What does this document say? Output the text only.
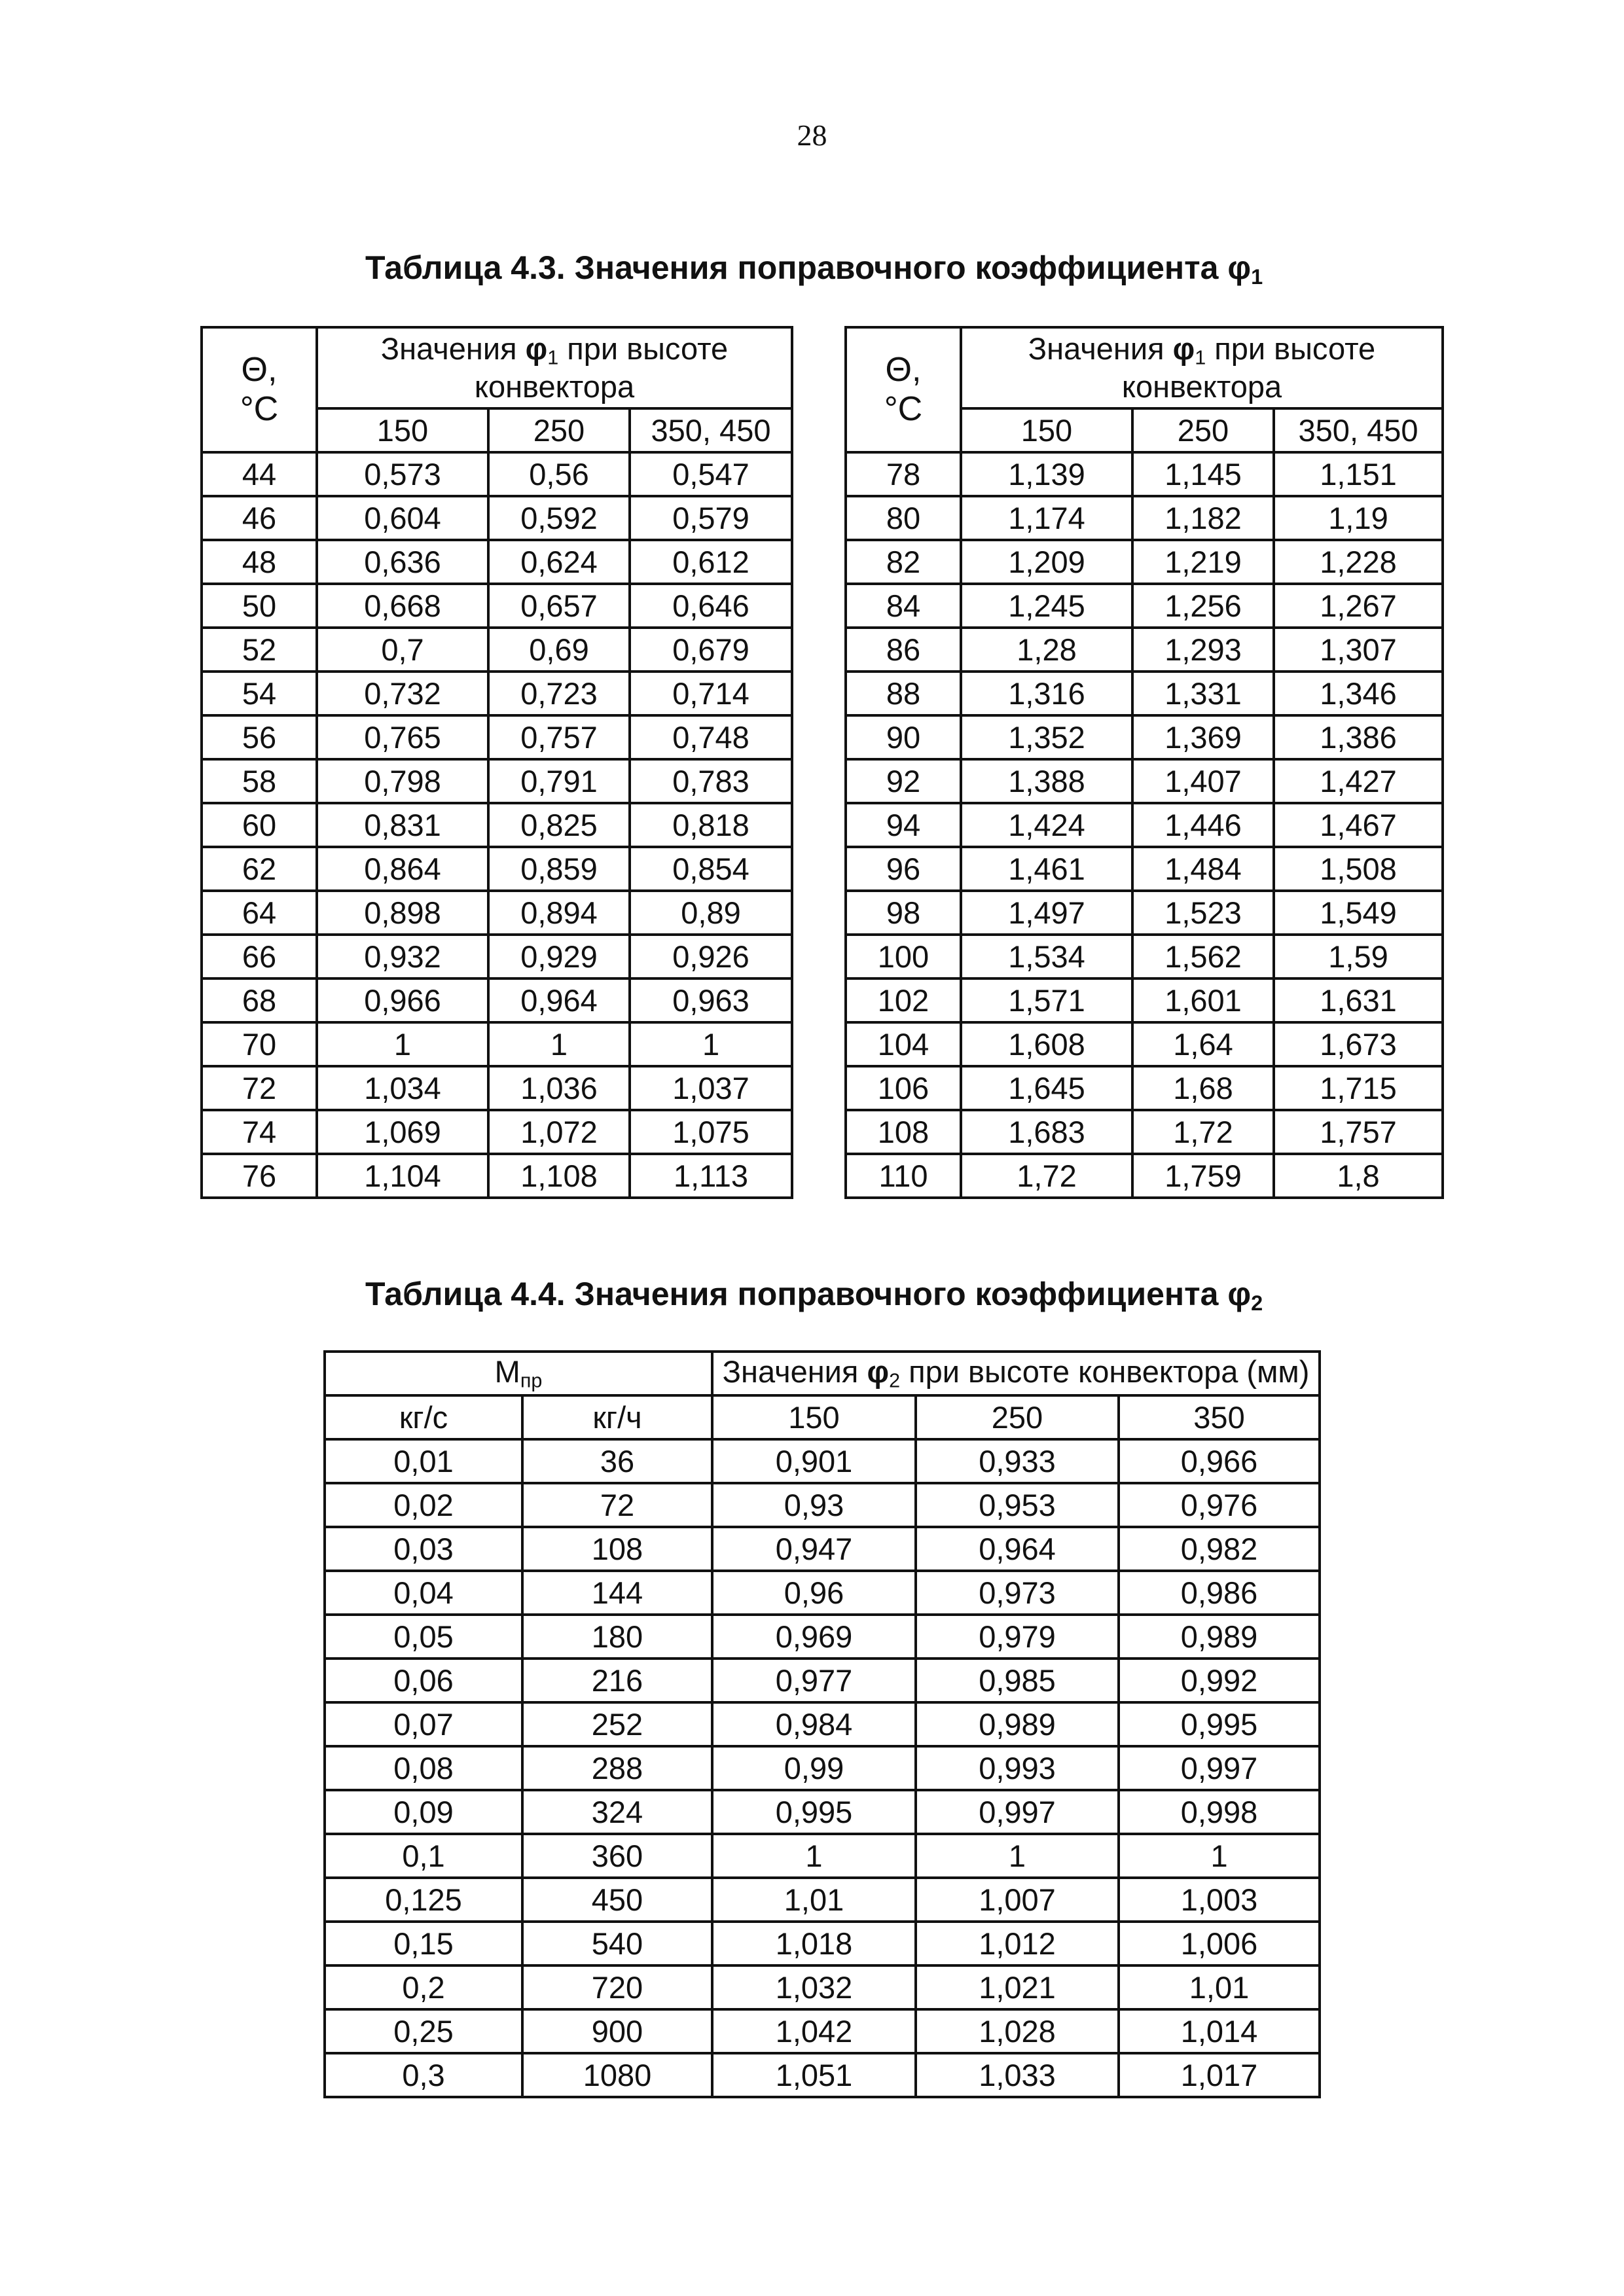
28
Таблица 4.3. Значения поправочного коэффициента $\varphi_1$
Θ,
°C	Значения $\varphi_1$ при высоте конвектора		
	150	250	350, 450
44	0,573	0,56	0,547
46	0,604	0,592	0,579
48	0,636	0,624	0,612
50	0,668	0,657	0,646
52	0,7	0,69	0,679
54	0,732	0,723	0,714
56	0,765	0,757	0,748
58	0,798	0,791	0,783
60	0,831	0,825	0,818
62	0,864	0,859	0,854
64	0,898	0,894	0,89
66	0,932	0,929	0,926
68	0,966	0,964	0,963
70	1	1	1
72	1,034	1,036	1,037
74	1,069	1,072	1,075
76	1,104	1,108	1,113
Θ,
°C	Значения $\varphi_1$ при высоте конвектора		
	150	250	350, 450
78	1,139	1,145	1,151
80	1,174	1,182	1,19
82	1,209	1,219	1,228
84	1,245	1,256	1,267
86	1,28	1,293	1,307
88	1,316	1,331	1,346
90	1,352	1,369	1,386
92	1,388	1,407	1,427
94	1,424	1,446	1,467
96	1,461	1,484	1,508
98	1,497	1,523	1,549
100	1,534	1,562	1,59
102	1,571	1,601	1,631
104	1,608	1,64	1,673
106	1,645	1,68	1,715
108	1,683	1,72	1,757
110	1,72	1,759	1,8
Таблица 4.4. Значения поправочного коэффициента $\varphi_2$
$M_{пр}$		Значения $\varphi_2$ при высоте конвектора (мм)		
кг/с	кг/ч	150	250	350
0,01	36	0,901	0,933	0,966
0,02	72	0,93	0,953	0,976
0,03	108	0,947	0,964	0,982
0,04	144	0,96	0,973	0,986
0,05	180	0,969	0,979	0,989
0,06	216	0,977	0,985	0,992
0,07	252	0,984	0,989	0,995
0,08	288	0,99	0,993	0,997
0,09	324	0,995	0,997	0,998
0,1	360	1	1	1
0,125	450	1,01	1,007	1,003
0,15	540	1,018	1,012	1,006
0,2	720	1,032	1,021	1,01
0,25	900	1,042	1,028	1,014
0,3	1080	1,051	1,033	1,017
